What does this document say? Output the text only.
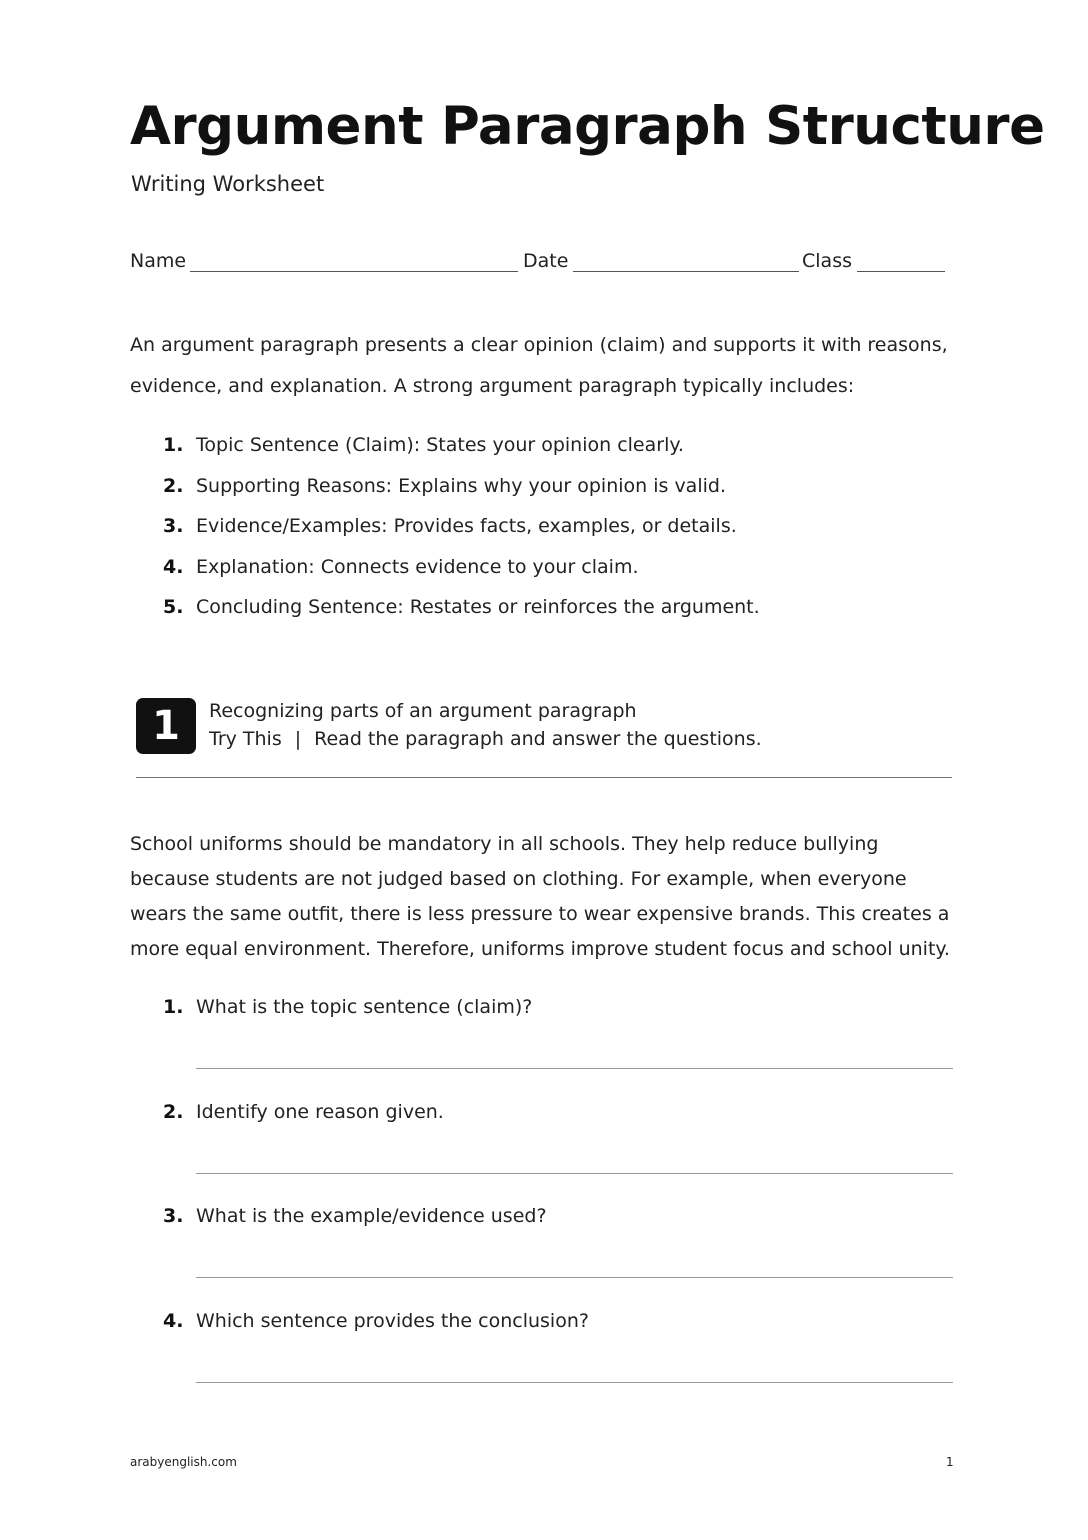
Argument Paragraph Structure
Writing Worksheet
Name	Date	Class
An argument paragraph presents a clear opinion (claim) and supports it with reasons, evidence, and explanation. A strong argument paragraph typically includes:
1. Topic Sentence (Claim): States your opinion clearly.
2. Supporting Reasons: Explains why your opinion is valid.
3. Evidence/Examples: Provides facts, examples, or details.
4. Explanation: Connects evidence to your claim.
5. Concluding Sentence: Restates or reinforces the argument.
1	Recognizing parts of an argument paragraph
Try This | Read the paragraph and answer the questions.
School uniforms should be mandatory in all schools. They help reduce bullying because students are not judged based on clothing. For example, when everyone wears the same outfit, there is less pressure to wear expensive brands. This creates a more equal environment. Therefore, uniforms improve student focus and school unity.
1. What is the topic sentence (claim)?
2. Identify one reason given.
3. What is the example/evidence used?
4. Which sentence provides the conclusion?
arabyenglish.com	1
